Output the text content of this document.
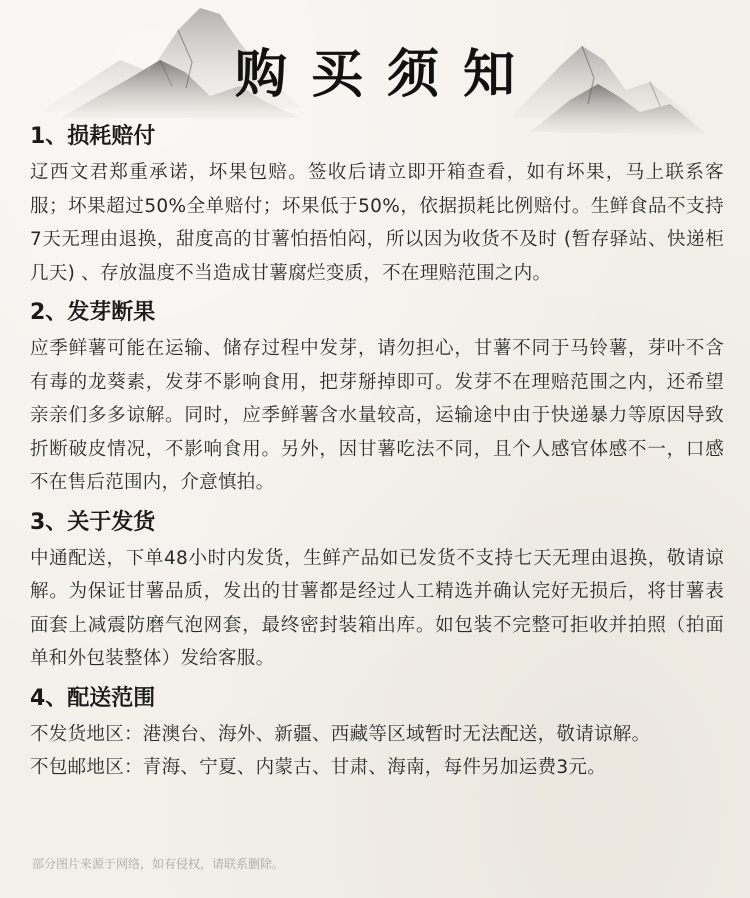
购买须知
1、损耗赔付

辽西文君郑重承诺，坏果包赔。签收后请立即开箱查看，如有坏果，马上联系客服；坏果超过50%全单赔付；坏果低于50%，依据损耗比例赔付。生鲜食品不支持7天无理由退换，甜度高的甘薯怕捂怕闷，所以因为收货不及时 (暂存驿站、快递柜几天) 、存放温度不当造成甘薯腐烂变质，不在理赔范围之内。

2、发芽断果

应季鲜薯可能在运输、储存过程中发芽，请勿担心，甘薯不同于马铃薯，芽叶不含有毒的龙葵素，发芽不影响食用，把芽掰掉即可。发芽不在理赔范围之内，还希望亲亲们多多谅解。同时，应季鲜薯含水量较高，运输途中由于快递暴力等原因导致折断破皮情况，不影响食用。另外，因甘薯吃法不同，且个人感官体感不一，口感不在售后范围内，介意慎拍。

3、关于发货

中通配送，下单48小时内发货，生鲜产品如已发货不支持七天无理由退换，敬请谅解。为保证甘薯品质，发出的甘薯都是经过人工精选并确认完好无损后，将甘薯表面套上减震防磨气泡网套，最终密封装箱出库。如包装不完整可拒收并拍照（拍面单和外包装整体）发给客服。

4、配送范围

不发货地区：港澳台、海外、新疆、西藏等区域暂时无法配送，敬请谅解。

不包邮地区：青海、宁夏、内蒙古、甘肃、海南，每件另加运费3元。

部分图片来源于网络，如有侵权，请联系删除。
